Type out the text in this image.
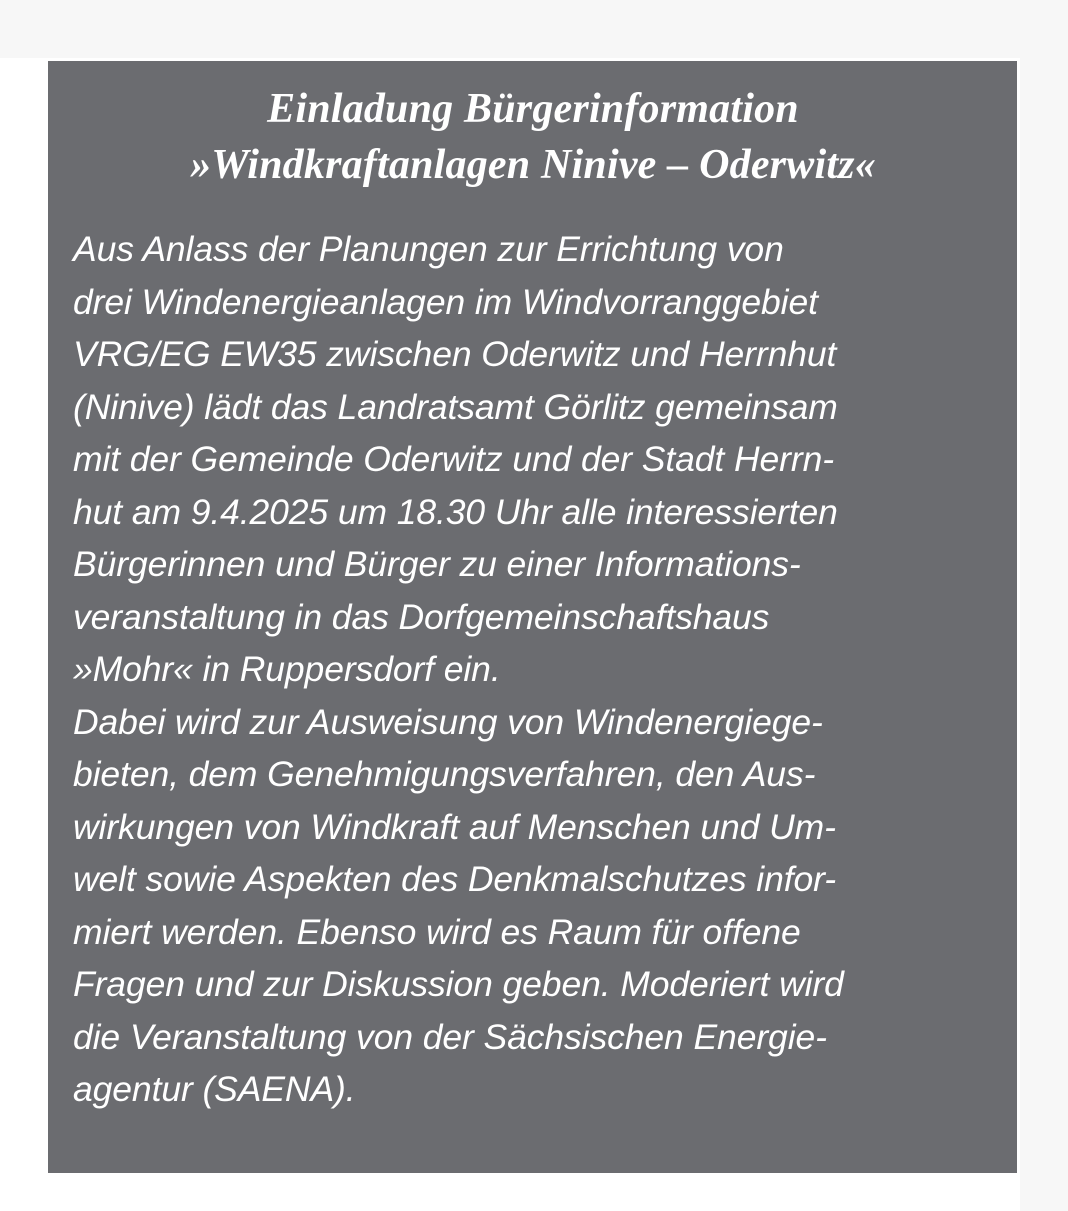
Einladung Bürgerinformation
»Windkraftanlagen Ninive – Oderwitz«
Aus Anlass der Planungen zur Errichtung von
drei Windenergieanlagen im Windvorranggebiet
VRG/EG EW35 zwischen Oderwitz und Herrnhut
(Ninive) lädt das Landratsamt Görlitz gemeinsam
mit der Gemeinde Oderwitz und der Stadt Herrn-
hut am 9.4.2025 um 18.30 Uhr alle interessierten
Bürgerinnen und Bürger zu einer Informations-
veranstaltung in das Dorfgemeinschaftshaus
»Mohr« in Ruppersdorf ein.
Dabei wird zur Ausweisung von Windenergiege-
bieten, dem Genehmigungsverfahren, den Aus-
wirkungen von Windkraft auf Menschen und Um-
welt sowie Aspekten des Denkmalschutzes infor-
miert werden. Ebenso wird es Raum für offene
Fragen und zur Diskussion geben. Moderiert wird
die Veranstaltung von der Sächsischen Energie-
agentur (SAENA).
